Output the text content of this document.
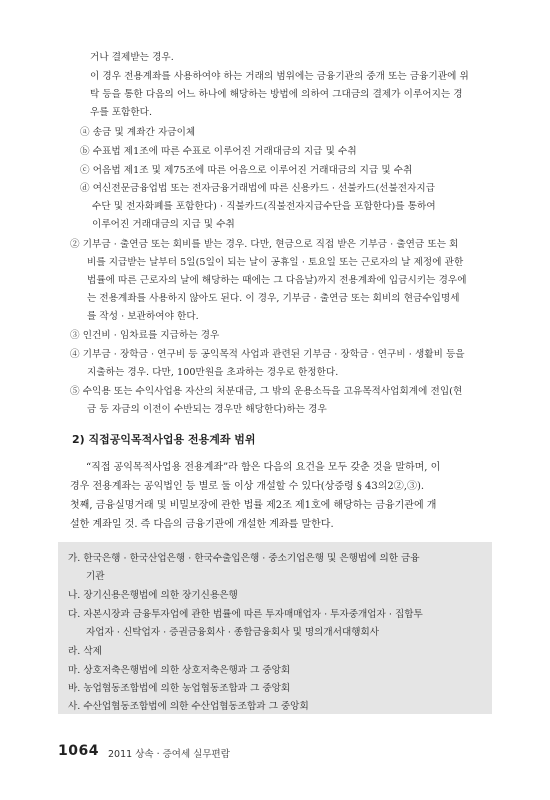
거나 결제받는 경우.
이 경우 전용계좌를 사용하여야 하는 거래의 범위에는 금융기관의 중개 또는 금융기관에 위
탁 등을 통한 다음의 어느 하나에 해당하는 방법에 의하여 그대금의 결제가 이루어지는 경
우를 포함한다.
ⓐ 송금 및 계좌간 자금이체
ⓑ 수표법 제1조에 따른 수표로 이루어진 거래대금의 지급 및 수취
ⓒ 어음법 제1조 및 제75조에 따른 어음으로 이루어진 거래대금의 지급 및 수취
ⓓ 여신전문금융업법 또는 전자금융거래법에 따른 신용카드 · 선불카드(선불전자지급
수단 및 전자화폐를 포함한다) · 직불카드(직불전자지급수단을 포함한다)를 통하여
이루어진 거래대금의 지급 및 수취
② 기부금 · 출연금 또는 회비를 받는 경우. 다만, 현금으로 직접 받은 기부금 · 출연금 또는 회
비를 지급받는 날부터 5일(5일이 되는 날이 공휴일 · 토요일 또는 근로자의 날 제정에 관한
법률에 따른 근로자의 날에 해당하는 때에는 그 다음날)까지 전용계좌에 입금시키는 경우에
는 전용계좌를 사용하지 않아도 된다. 이 경우, 기부금 · 출연금 또는 회비의 현금수입명세
를 작성 · 보관하여야 한다.
③ 인건비 · 임차료를 지급하는 경우
④ 기부금 · 장학금 · 연구비 등 공익목적 사업과 관련된 기부금 · 장학금 · 연구비 · 생활비 등을
지출하는 경우. 다만, 100만원을 초과하는 경우로 한정한다.
⑤ 수익용 또는 수익사업용 자산의 처분대금, 그 밖의 운용소득을 고유목적사업회계에 전입(현
금 등 자금의 이전이 수반되는 경우만 해당한다)하는 경우
2) 직접공익목적사업용 전용계좌 범위
“직접 공익목적사업용 전용계좌”라 함은 다음의 요건을 모두 갖춘 것을 말하며, 이
경우 전용계좌는 공익법인 등 별로 둘 이상 개설할 수 있다(상증령 § 43의2②,③).
첫째, 금융실명거래 및 비밀보장에 관한 법률 제2조 제1호에 해당하는 금융기관에 개
설한 계좌일 것. 즉 다음의 금융기관에 개설한 계좌를 말한다.
가. 한국은행 · 한국산업은행 · 한국수출입은행 · 중소기업은행 및 은행법에 의한 금융
기관
나. 장기신용은행법에 의한 장기신용은행
다. 자본시장과 금융투자업에 관한 법률에 따른 투자매매업자 · 투자중개업자 · 집합투
자업자 · 신탁업자 · 증권금융회사 · 종합금융회사 및 명의개서대행회사
라. 삭제
마. 상호저축은행법에 의한 상호저축은행과 그 중앙회
바. 농업협동조합법에 의한 농업협동조합과 그 중앙회
사. 수산업협동조합법에 의한 수산업협동조합과 그 중앙회
1064 2011 상속 · 증여세 실무편람
